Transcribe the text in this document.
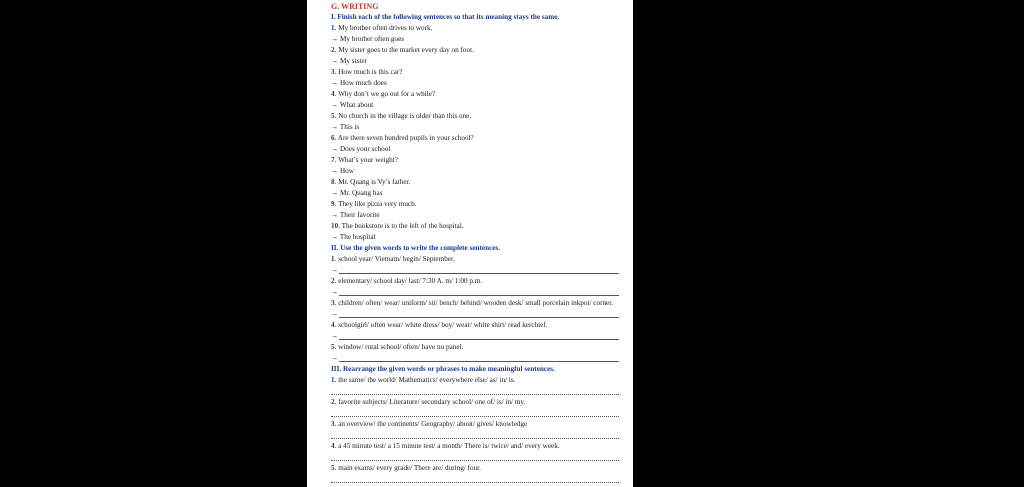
G. WRITING
I. Finish each of the following sentences so that its meaning stays the same.
1. My brother often drives to work.
→ My brother often goes
2. My sister goes to the market every day on foot.
→ My sister
3. How much is this car?
→ How much does
4. Why don’t we go out for a while?
→ What about
5. No church in the village is older than this one.
→ This is
6. Are there seven hundred pupils in your school?
→ Does your school
7. What’s your weight?
→ How
8. Mr. Quang is Vy’s father.
→ Mr. Quang has
9. They like pizza very much.
→ Their favorite
10. The bookstore is to the left of the hospital.
→ The hospital
II. Use the given words to write the complete sentences.
1. school year/ Vietnam/ begin/ September.
→
2. elementary/ school day/ last/ 7:30 A. m/ 1:00 p.m.
→
3. children/ often/ wear/ uniform/ sit/ bench/ behind/ wooden desk/ small porcelain inkpot/ corner.
→
4. schoolgirl/ often wear/ white dress/ boy/ wear/ white shirt/ read kerchief.
→
5. window/ rural school/ often/ have no panel.
→
III. Rearrange the given words or phrases to make meaningful sentences.
1. the same/ the world/ Mathematics/ everywhere else/ as/ in/ is.
2. favorite subjects/ Literature/ secondary school/ one of/ is/ in/ my.
3. an overview/ the continents/ Geography/ about/ gives/ knowledge
4. a 45 minute test/ a 15 minute test/ a month/ There is/ twice/ and/ every week.
5. main exams/ every grade/ There are/ during/ four.
